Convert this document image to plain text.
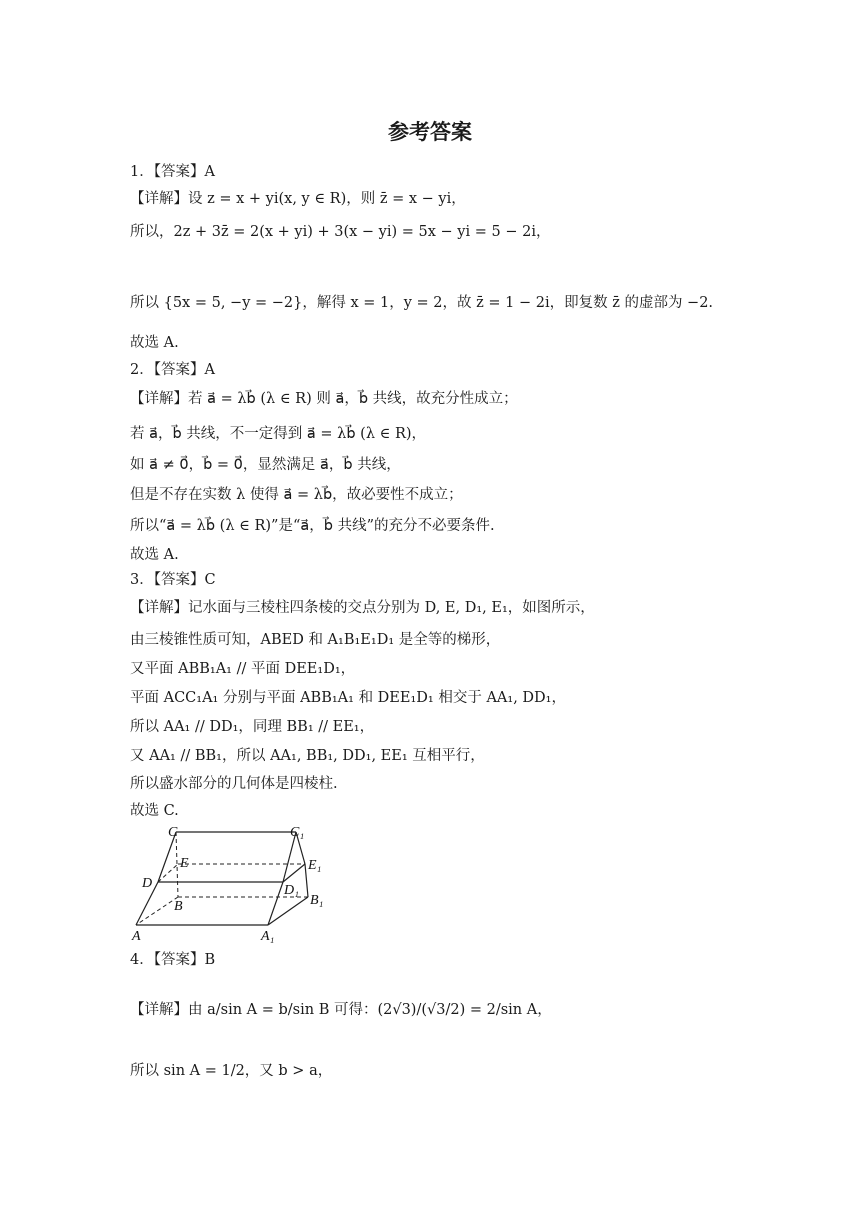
参考答案
1．【答案】A
【详解】设 z = x + yi(x, y ∈ R)，则 z̄ = x − yi，
所以，2z + 3z̄ = 2(x + yi) + 3(x − yi) = 5x − yi = 5 − 2i，
所以 {5x = 5, −y = −2}，解得 x = 1，y = 2，故 z̄ = 1 − 2i，即复数 z̄ 的虚部为 −2.
故选 A.
2．【答案】A
【详解】若 a⃗ = λb⃗ (λ ∈ R) 则 a⃗，b⃗ 共线，故充分性成立；
若 a⃗，b⃗ 共线，不一定得到 a⃗ = λb⃗ (λ ∈ R)，
如 a⃗ ≠ 0⃗，b⃗ = 0⃗，显然满足 a⃗，b⃗ 共线，
但是不存在实数 λ 使得 a⃗ = λb⃗，故必要性不成立；
所以“a⃗ = λb⃗ (λ ∈ R)”是“a⃗，b⃗ 共线”的充分不必要条件.
故选 A.
3．【答案】C
【详解】记水面与三棱柱四条棱的交点分别为 D, E, D₁, E₁，如图所示，
由三棱锥性质可知，ABED 和 A₁B₁E₁D₁ 是全等的梯形，
又平面 ABB₁A₁ // 平面 DEE₁D₁，
平面 ACC₁A₁ 分别与平面 ABB₁A₁ 和 DEE₁D₁ 相交于 AA₁, DD₁，
所以 AA₁ // DD₁，同理 BB₁ // EE₁，
又 AA₁ // BB₁，所以 AA₁, BB₁, DD₁, EE₁ 互相平行，
所以盛水部分的几何体是四棱柱.
故选 C.
4．【答案】B
【详解】由 a/sin A = b/sin B 可得：(2√3)/(√3/2) = 2/sin A，
所以 sin A = 1/2，又 b > a，
C	C₁
E	E₁
D	D₁
B	B₁
A	A₁
